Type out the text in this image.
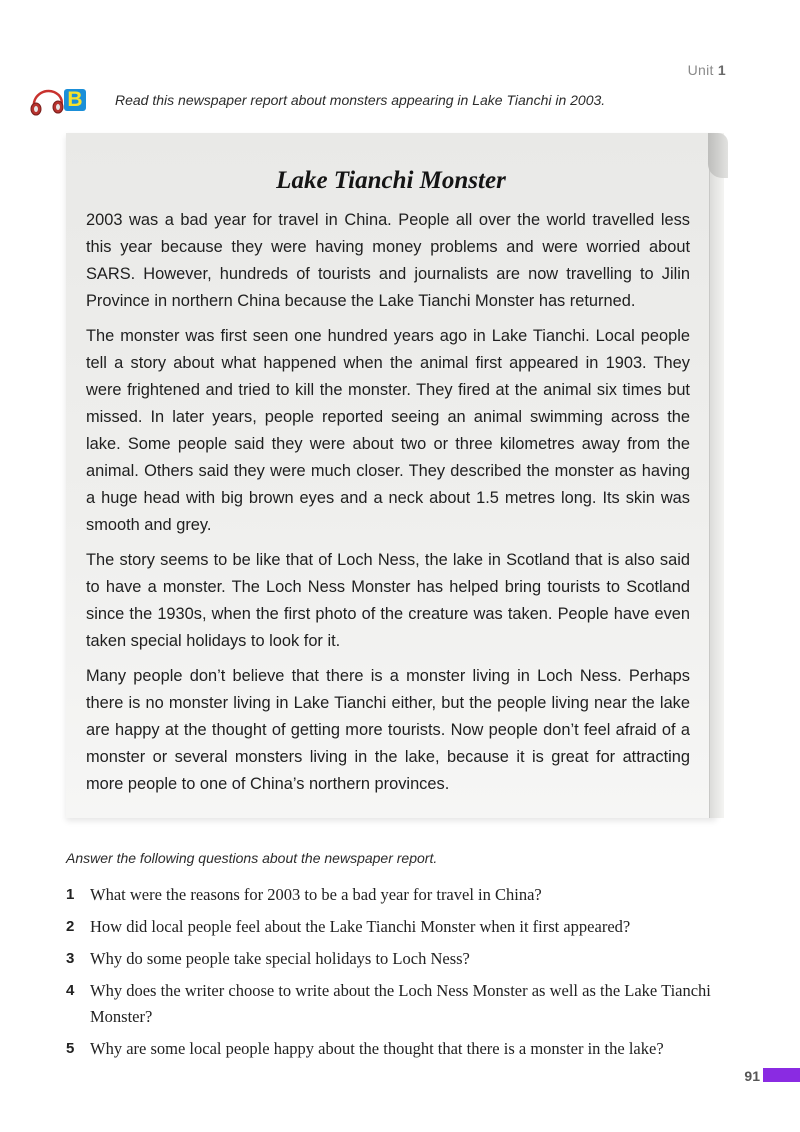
Unit 1
B Read this newspaper report about monsters appearing in Lake Tianchi in 2003.
Lake Tianchi Monster

2003 was a bad year for travel in China. People all over the world travelled less this year because they were having money problems and were worried about SARS. However, hundreds of tourists and journalists are now travelling to Jilin Province in northern China because the Lake Tianchi Monster has returned.

The monster was first seen one hundred years ago in Lake Tianchi. Local people tell a story about what happened when the animal first appeared in 1903. They were frightened and tried to kill the monster. They fired at the animal six times but missed. In later years, people reported seeing an animal swimming across the lake. Some people said they were about two or three kilometres away from the animal. Others said they were much closer. They described the monster as having a huge head with big brown eyes and a neck about 1.5 metres long. Its skin was smooth and grey.

The story seems to be like that of Loch Ness, the lake in Scotland that is also said to have a monster. The Loch Ness Monster has helped bring tourists to Scotland since the 1930s, when the first photo of the creature was taken. People have even taken special holidays to look for it.

Many people don’t believe that there is a monster living in Loch Ness. Perhaps there is no monster living in Lake Tianchi either, but the people living near the lake are happy at the thought of getting more tourists. Now people don’t feel afraid of a monster or several monsters living in the lake, because it is great for attracting more people to one of China’s northern provinces.

Answer the following questions about the newspaper report.
1 What were the reasons for 2003 to be a bad year for travel in China?
2 How did local people feel about the Lake Tianchi Monster when it first appeared?
3 Why do some people take special holidays to Loch Ness?
4 Why does the writer choose to write about the Loch Ness Monster as well as the Lake Tianchi Monster?
5 Why are some local people happy about the thought that there is a monster in the lake?
91
